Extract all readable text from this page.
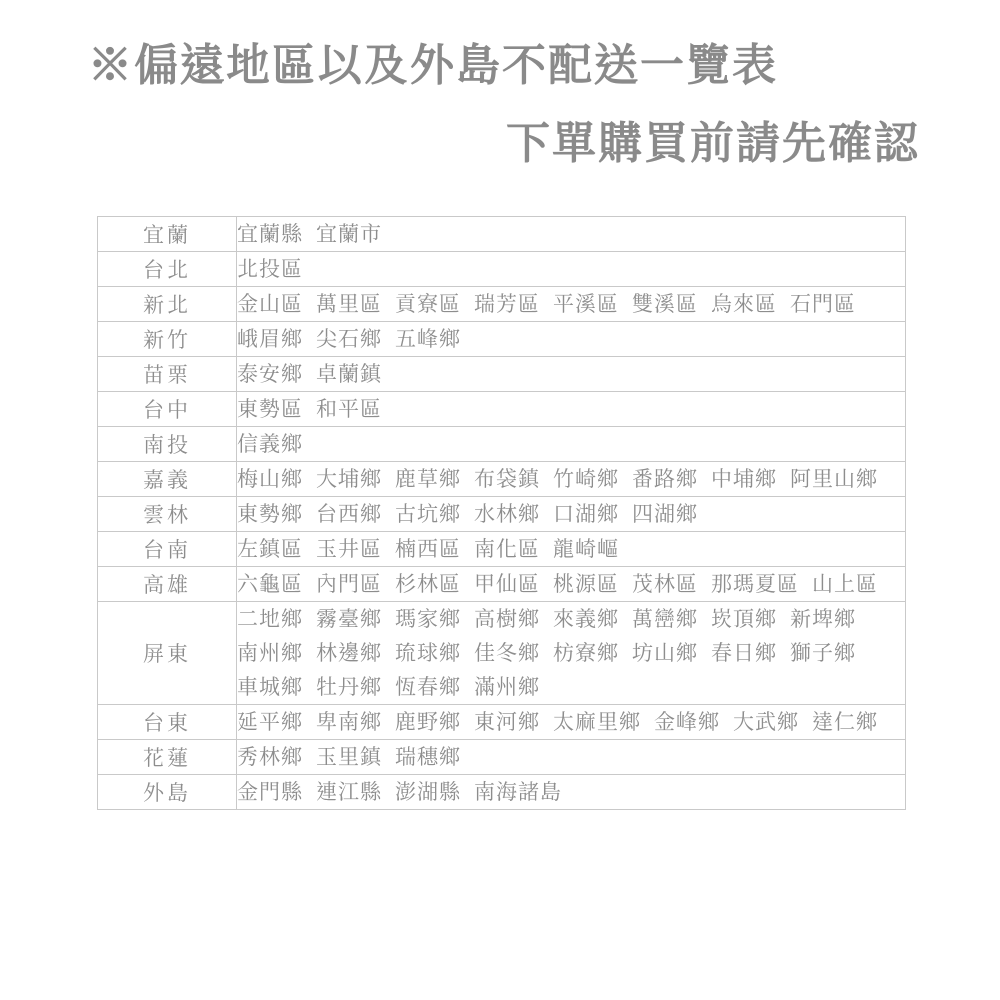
※偏遠地區以及外島不配送一覽表
下單購買前請先確認
宜蘭	宜蘭縣 宜蘭市

台北	北投區

新北	金山區 萬里區 貢寮區 瑞芳區 平溪區 雙溪區 烏來區 石門區

新竹	峨眉鄉 尖石鄉 五峰鄉

苗栗	泰安鄉 卓蘭鎮

台中	東勢區 和平區

南投	信義鄉

嘉義	梅山鄉 大埔鄉 鹿草鄉 布袋鎮 竹崎鄉 番路鄉 中埔鄉 阿里山鄉

雲林	東勢鄉 台西鄉 古坑鄉 水林鄉 口湖鄉 四湖鄉

台南	左鎮區 玉井區 楠西區 南化區 龍崎嶇

高雄	六龜區 內門區 杉林區 甲仙區 桃源區 茂林區 那瑪夏區 山上區

屏東	二地鄉 霧臺鄉 瑪家鄉 高樹鄉 來義鄉 萬巒鄉 崁頂鄉 新埤鄉
南州鄉 林邊鄉 琉球鄉 佳冬鄉 枋寮鄉 坊山鄉 春日鄉 獅子鄉
車城鄉 牡丹鄉 恆春鄉 滿州鄉

台東	延平鄉 卑南鄉 鹿野鄉 東河鄉 太麻里鄉 金峰鄉 大武鄉 達仁鄉

花蓮	秀林鄉 玉里鎮 瑞穗鄉

外島	金門縣 連江縣 澎湖縣 南海諸島
